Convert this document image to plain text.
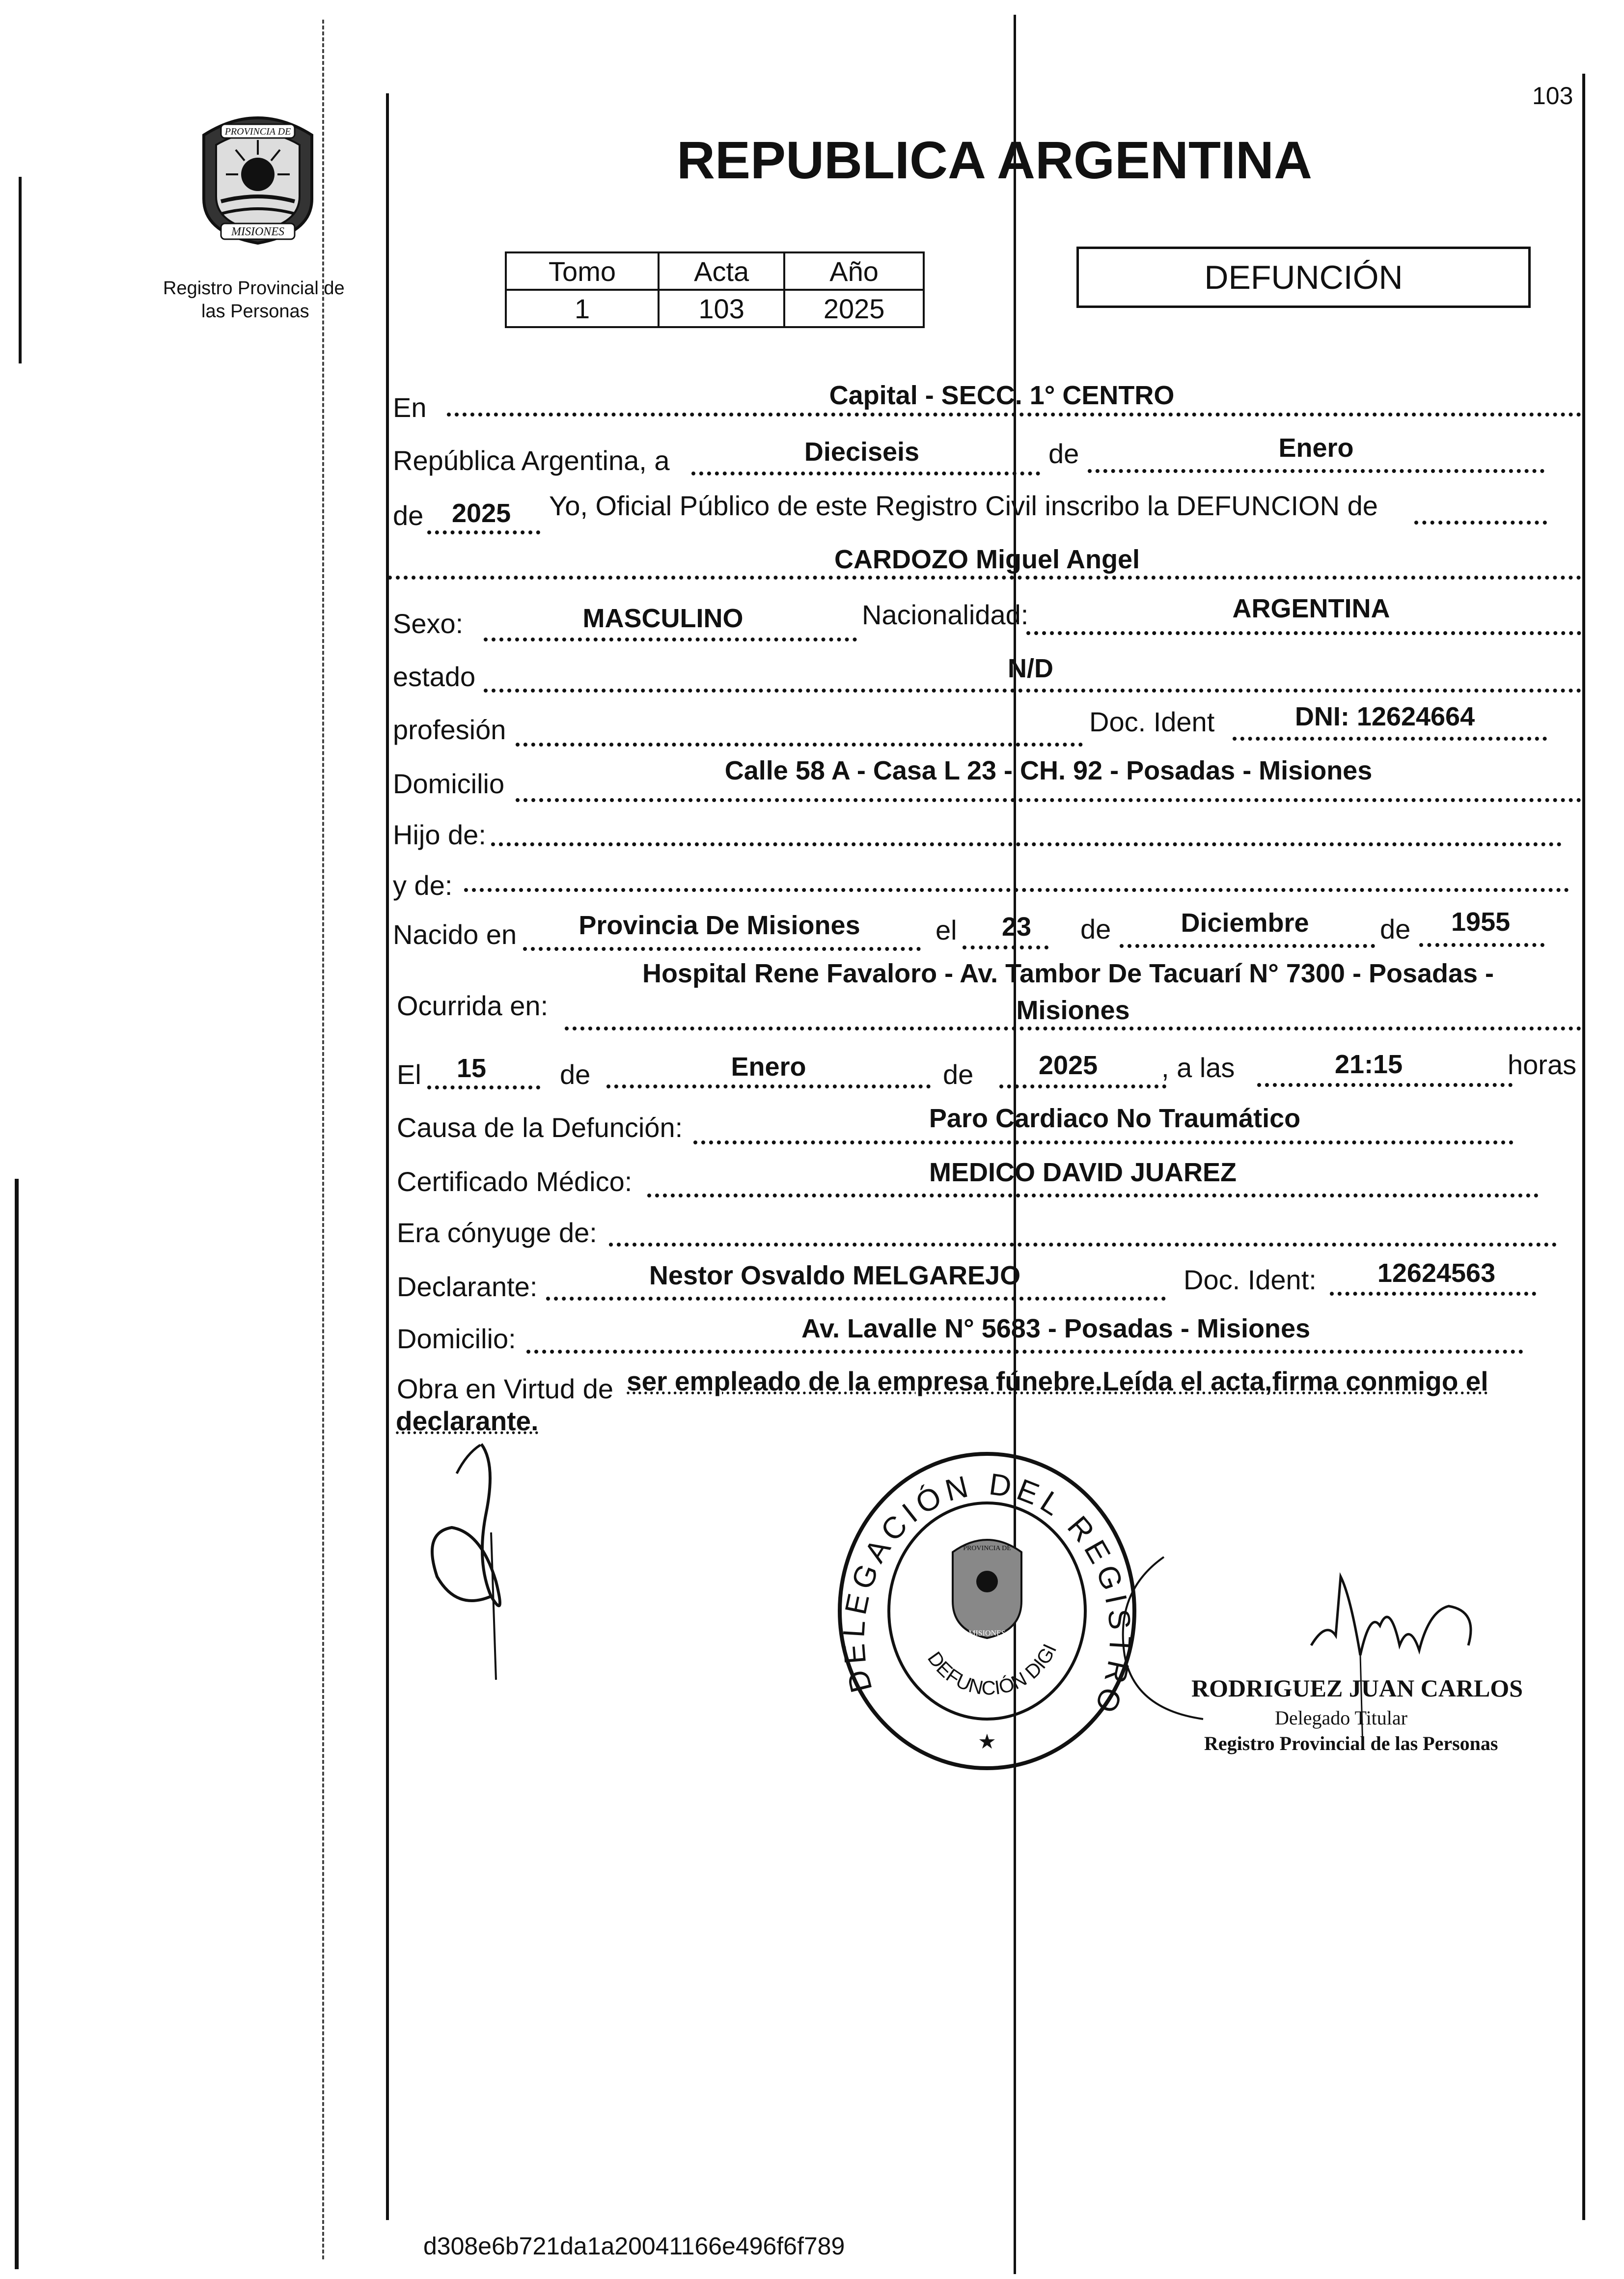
103
PROVINCIA DE
MISIONES
Registro Provincial de
las Personas
REPUBLICA ARGENTINA
Tomo	Acta	Año
1	103	2025
DEFUNCIÓN
En	Capital - SECC. 1° CENTRO
República Argentina, a	Dieciseis	de	Enero
de 2025 Yo, Oficial Público de este Registro Civil inscribo la DEFUNCION de
CARDOZO Miguel Angel
Sexo:	MASCULINO	Nacionalidad:	ARGENTINA
estado	N/D
profesión	Doc. Ident	DNI: 12624664
Domicilio	Calle 58 A - Casa L 23 - CH. 92 - Posadas - Misiones
Hijo de:
y de:
Nacido en Provincia De Misiones	el 23 de	Diciembre	de 1955
Ocurrida en:
Hospital Rene Favaloro - Av. Tambor De Tacuarí N° 7300 - Posadas -
Misiones
El 15	de	Enero	de 2025 , a las	21:15	horas
Causa de la Defunción:	Paro Cardiaco No Traumático
Certificado Médico:	MEDICO DAVID JUAREZ
Era cónyuge de:
Declarante:	Nestor Osvaldo MELGAREJO	Doc. Ident: 12624563
Domicilio:	Av. Lavalle N° 5683 - Posadas - Misiones
Obra en Virtud de ser empleado de la empresa fúnebre.Leída el acta,firma conmigo el
declarante.
DELEGACIÓN DEL REGISTRO
DEFUNCIÓN DIGI
PROVINCIA DE
MISIONES
★
RODRIGUEZ JUAN CARLOS
Delegado Titular
Registro Provincial de las Personas
d308e6b721da1a20041166e496f6f789
